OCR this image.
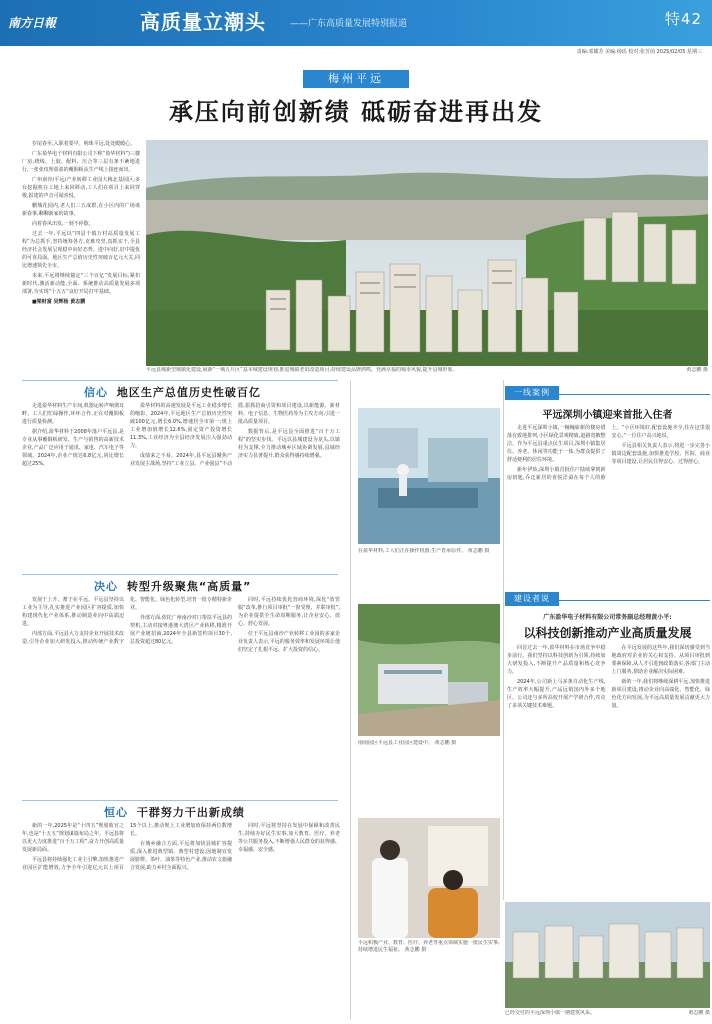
南方日報	高质量立潮头	——广东高质量发展特别报道	特42
责编:邓耀芳 美编:杨瑶 校对:张芳茵 2025/02/05 星期三
梅州平远
承压向前创新绩 砥砺奋进再出发

岁尾春至,入职着要早。明珠平远,处处暖暖心。

广东盈华电子材料有限公司下称“盈华材料”)三楼厂房,绕线、上胶、配料、压合等三层有条不紊地进行,一张张纹理盈盈的覆铜板从生产线上接连而出。

广州南沙/平远/产业转移工业园大梅北基园区,多台挖掘机在工地上来回移动,工人们在项目上来回穿梭,报建的声音可闻喜悦。

鹏城花园内,老人们三五成群,在小区内的广场谈新春事,聊聊新家的故事。

向着春风出发,一刻不停歇。

过去一年,平远以“四县千镇万村高质量发展工程”为总抓手,坚持统筹各方,克难攻坚,真抓实干,全县经济社会发展呈现稳中向好态势。进中向好,好中提优的可喜局面。地区生产总值历史性突破百亿元大关,同比增速领先全市。

未来,平远将继续锚定“三个百亿”发展目标,紧扣新时代,激活新动能,全面、系统推动高质量发展多项部署,为实现“十五五”良好开局打牢基础。

■梁财富 吴辉杨 黄志鹏

平远县城新型城镇化建设,展新“一城五片区”基本城建设规划,推进城镇老旧改造项目,持续建设品牌鸿鸣。充满幸福的城市风貌,提升县城形象。	黄志鹏 摄
信心 地区生产总值历史性破百亿

走进盈华材料生产车间,机器运转声响彻耳畔。工人们忙碌操作,环环合作,正在对覆铜板进行质量检测。

据介绍,盈华材料于2008年落户平远县,是专业从事覆铜板研发、生产与销售的高新技术企业,产品广泛应用于通讯、家电、汽车电子等领域。2024年,企业产值达6.8亿元,同比增长超过25%。

盈华材料的高速发展是平远工业稳步增长的缩影。2024年,平远地区生产总值历史性突破100亿元,增长6.0%,增速居全市第一;规上工业增加值增长12.6%,固定资产投资增长11.3%,工业经济为全县经济发展注入强劲动力。

成绩来之不易。2024年,县平远县聚焦产业发展主战场,坚持“工业立县、产业强县”不动摇,狠抓招商引资和项目建设,以新能源、新材料、电子信息、生物医药等为主攻方向,引进一批高质量项目。

数据背后,是平远县全面推进“百千万工程”的坚实步伐。平远以县城建设为龙头,以镇村为支撑,全力推动城乡区域协调发展,县域经济实力显著提升,群众获得感持续增强。

决心 转型升级聚焦“高质量”

发展于上升、蓄于在平远。平远县坚持以工业为主导,扎实推进产业园区扩容提质,加快构建现代化产业体系,推动制造业向中高端迈进。

内部方面,平远县大力支持企业开展技术改造,引导企业加大研发投入,推动传统产业数字化、智能化、绿色化转型,培育一批专精特新企业。

外部方面,依托广州南沙对口帮扶平远县的契机,主动对接粤港澳大湾区产业转移,精准开展产业链招商,2024年全县新签约项目30个,总投资超过80亿元。

同时,平远持续优化营商环境,深化“放管服”改革,推行项目审批“一窗受理、并联审批”,为企业提供全生命周期服务,让企业安心、放心、舒心发展。

位于平远县南沙产业转移工业园的多家企业负责人表示,平远的服务效率和发展环境让他们坚定了扎根平远、扩大投资的信心。

恒心 干群努力干出新成绩

新的一年,2025年是“十四五”规划收官之年,也是“十五五”规划谋篇布局之年。平远县将以更大力度推进“百千万工程”,奋力开创高质量发展新局面。

平远县将持续强化工业主引擎,加快推进产业园区扩能增效,力争全年引进亿元以上项目15个以上,推动规上工业增加值保持两位数增长。

在城乡融合方面,平远将加快县城扩容提质,深入推进典型镇、典型村建设,因地制宜发展脐橙、茶叶、油茶等特色产业,推动农文旅融合发展,助力乡村全面振兴。

同时,平远将坚持在发展中保障和改善民生,持续办好民生实事,加大教育、医疗、养老等公共服务投入,不断增强人民群众的获得感、幸福感、安全感。

在盈华材料,工人们正在操作机器,生产育承原件。 黄志鹏 摄
南南园区平远县工业园区建设中。 黄志鹏 摄
平远积极产业、教育、医疗、养老等重点领域实施一批民生实事,持续增进民生福祉。 黄志鹏 摄
一线案例
平远深圳小镇迎来首批入住者

走进平远深圳小镇,一幢幢崭新的楼房错落有致地排列,小区绿化景观精致,道路宽敞整洁。作为平远县重点民生项目,深圳小镇集居住、养老、休闲等功能于一体,为群众提供了舒适便利的居住环境。

新年伊始,深圳小镇首批住户陆续拿到新房钥匙,乔迁新居的喜悦洋溢在每个人的脸上。“小区环境好,配套设施齐全,住在这里很安心。”一位住户高兴地说。

平远县相关负责人表示,将进一步完善小镇周边配套设施,加快推进学校、医院、商业等项目建设,让居民住得安心、过得舒心。

建设者说
广东盈华电子材料有限公司常务副总经理黄小平:
以科技创新推动产业高质量发展

回首过去一年,盈华材料在市场竞争中稳步前行。我们坚持以科技创新为引领,持续加大研发投入,不断提升产品质量和核心竞争力。

2024年,公司新上马多条自动化生产线,生产效率大幅提升,产品远销国内外多个地区。公司还与多所高校开展产学研合作,攻克了多项关键技术难题。

在平远发展的这些年,我们深切感受到当地政府对企业的关心和支持。从项目审批到要素保障,从人才引进到政策落实,各部门主动上门服务,帮助企业解决实际困难。

新的一年,我们将继续深耕平远,加快推进新项目建设,推动企业向高端化、智能化、绿色化方向发展,为平远高质量发展贡献更大力量。

已经交付的平远深圳小镇一期建筑风采。	黄志鹏 摄
